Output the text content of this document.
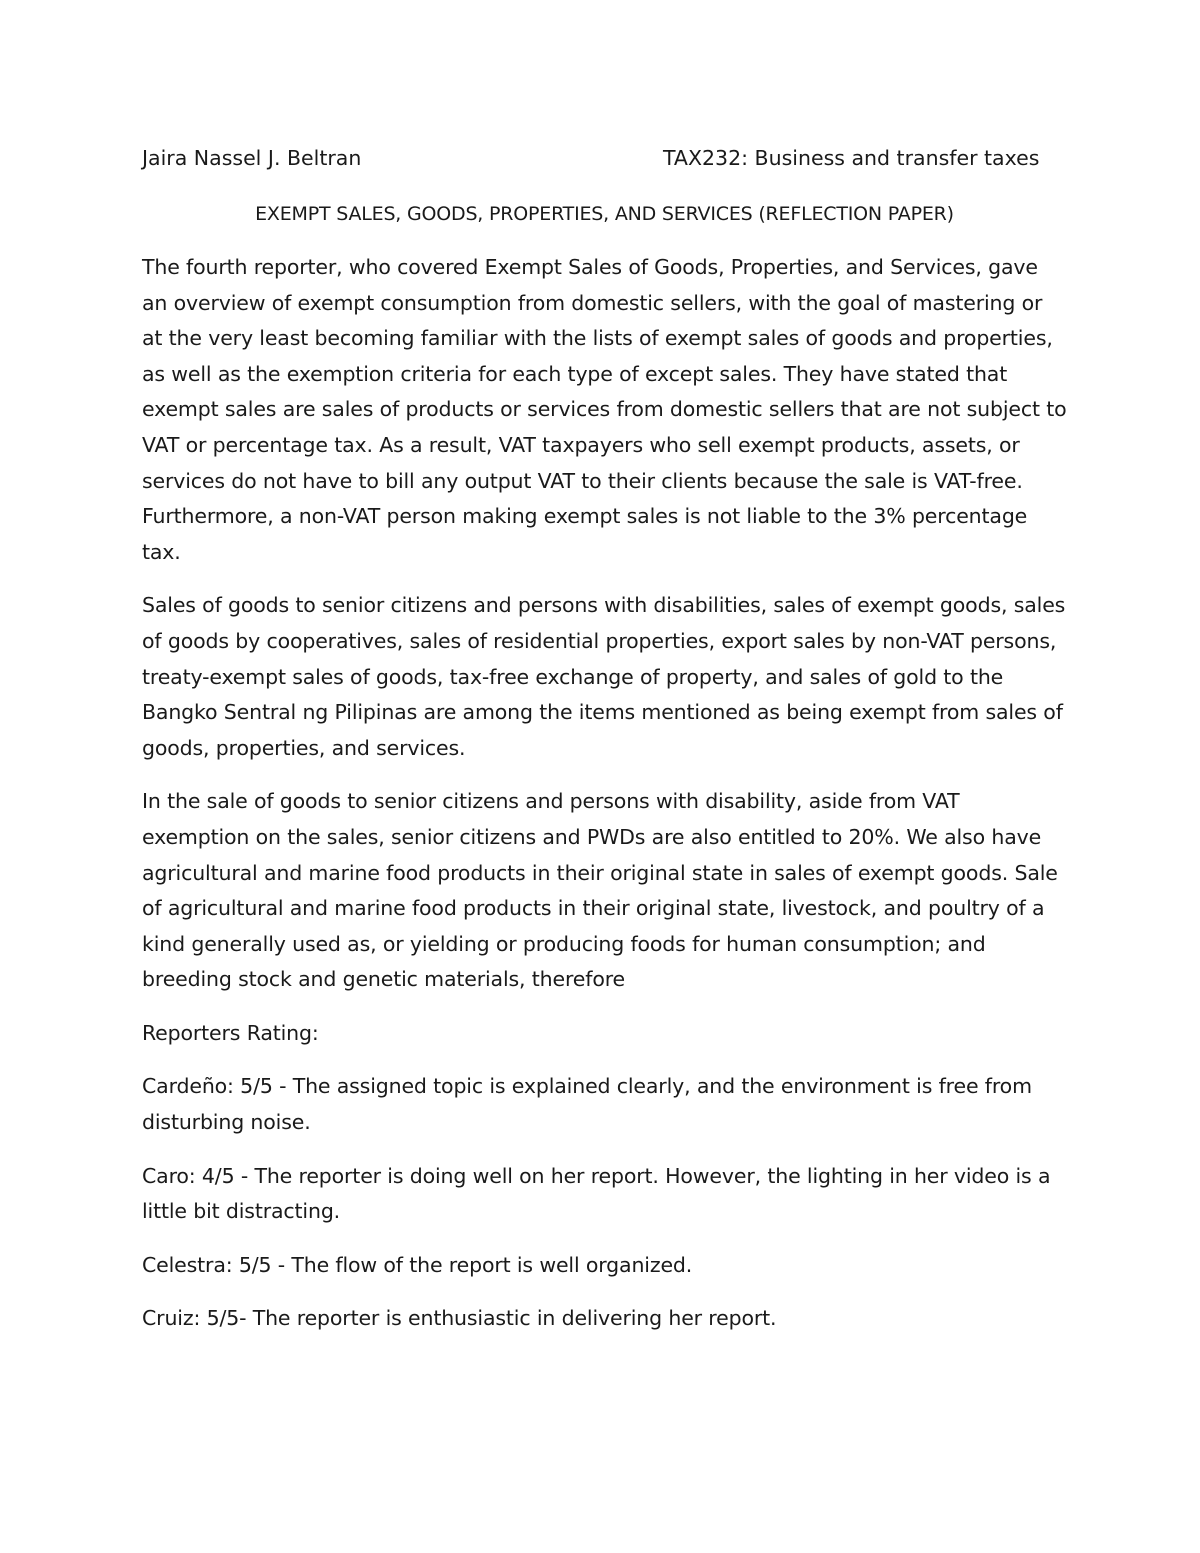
Jaira Nassel J. Beltran	TAX232: Business and transfer taxes
EXEMPT SALES, GOODS, PROPERTIES, AND SERVICES (REFLECTION PAPER)

The fourth reporter, who covered Exempt Sales of Goods, Properties, and Services, gave an overview of exempt consumption from domestic sellers, with the goal of mastering or at the very least becoming familiar with the lists of exempt sales of goods and properties, as well as the exemption criteria for each type of except sales. They have stated that exempt sales are sales of products or services from domestic sellers that are not subject to VAT or percentage tax. As a result, VAT taxpayers who sell exempt products, assets, or services do not have to bill any output VAT to their clients because the sale is VAT-free. Furthermore, a non-VAT person making exempt sales is not liable to the 3% percentage tax.

Sales of goods to senior citizens and persons with disabilities, sales of exempt goods, sales of goods by cooperatives, sales of residential properties, export sales by non-VAT persons, treaty-exempt sales of goods, tax-free exchange of property, and sales of gold to the Bangko Sentral ng Pilipinas are among the items mentioned as being exempt from sales of goods, properties, and services.

In the sale of goods to senior citizens and persons with disability, aside from VAT exemption on the sales, senior citizens and PWDs are also entitled to 20%. We also have agricultural and marine food products in their original state in sales of exempt goods. Sale of agricultural and marine food products in their original state, livestock, and poultry of a kind generally used as, or yielding or producing foods for human consumption; and breeding stock and genetic materials, therefore

Reporters Rating:

Cardeño: 5/5 - The assigned topic is explained clearly, and the environment is free from disturbing noise.

Caro: 4/5 - The reporter is doing well on her report. However, the lighting in her video is a little bit distracting.

Celestra: 5/5 - The flow of the report is well organized.

Cruiz: 5/5- The reporter is enthusiastic in delivering her report.
